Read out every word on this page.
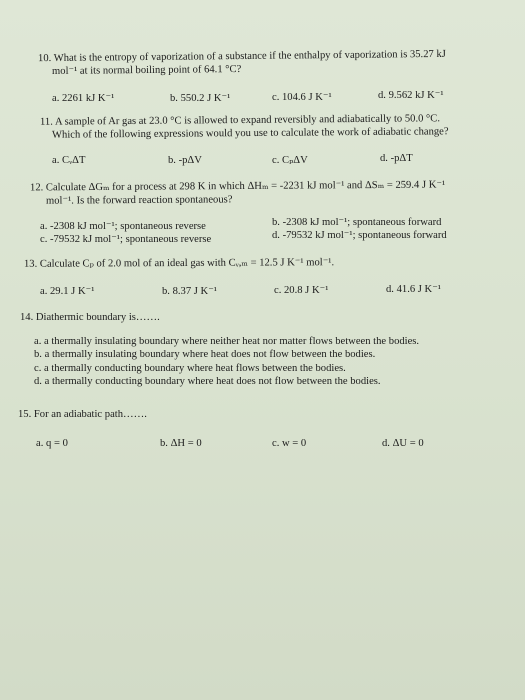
10. What is the entropy of vaporization of a substance if the enthalpy of vaporization is 35.27 kJ
mol⁻¹ at its normal boiling point of 64.1 °C?
a. 2261 kJ K⁻¹	b. 550.2 J K⁻¹	c. 104.6 J K⁻¹	d. 9.562 kJ K⁻¹
11. A sample of Ar gas at 23.0 °C is allowed to expand reversibly and adiabatically to 50.0 °C.
Which of the following expressions would you use to calculate the work of adiabatic change?
a. CᵥΔT	b. -pΔV	c. CₚΔV	d. -pΔT
12. Calculate ΔGₘ for a process at 298 K in which ΔHₘ = -2231 kJ mol⁻¹ and ΔSₘ = 259.4 J K⁻¹
mol⁻¹. Is the forward reaction spontaneous?
a. -2308 kJ mol⁻¹; spontaneous reverse	b. -2308 kJ mol⁻¹; spontaneous forward
c. -79532 kJ mol⁻¹; spontaneous reverse	d. -79532 kJ mol⁻¹; spontaneous forward
13. Calculate Cₚ of 2.0 mol of an ideal gas with Cᵥ,ₘ = 12.5 J K⁻¹ mol⁻¹.
a. 29.1 J K⁻¹	b. 8.37 J K⁻¹	c. 20.8 J K⁻¹	d. 41.6 J K⁻¹
14. Diathermic boundary is…….
a. a thermally insulating boundary where neither heat nor matter flows between the bodies.
b. a thermally insulating boundary where heat does not flow between the bodies.
c. a thermally conducting boundary where heat flows between the bodies.
d. a thermally conducting boundary where heat does not flow between the bodies.
15. For an adiabatic path…….
a. q = 0	b. ΔH = 0	c. w = 0	d. ΔU = 0
